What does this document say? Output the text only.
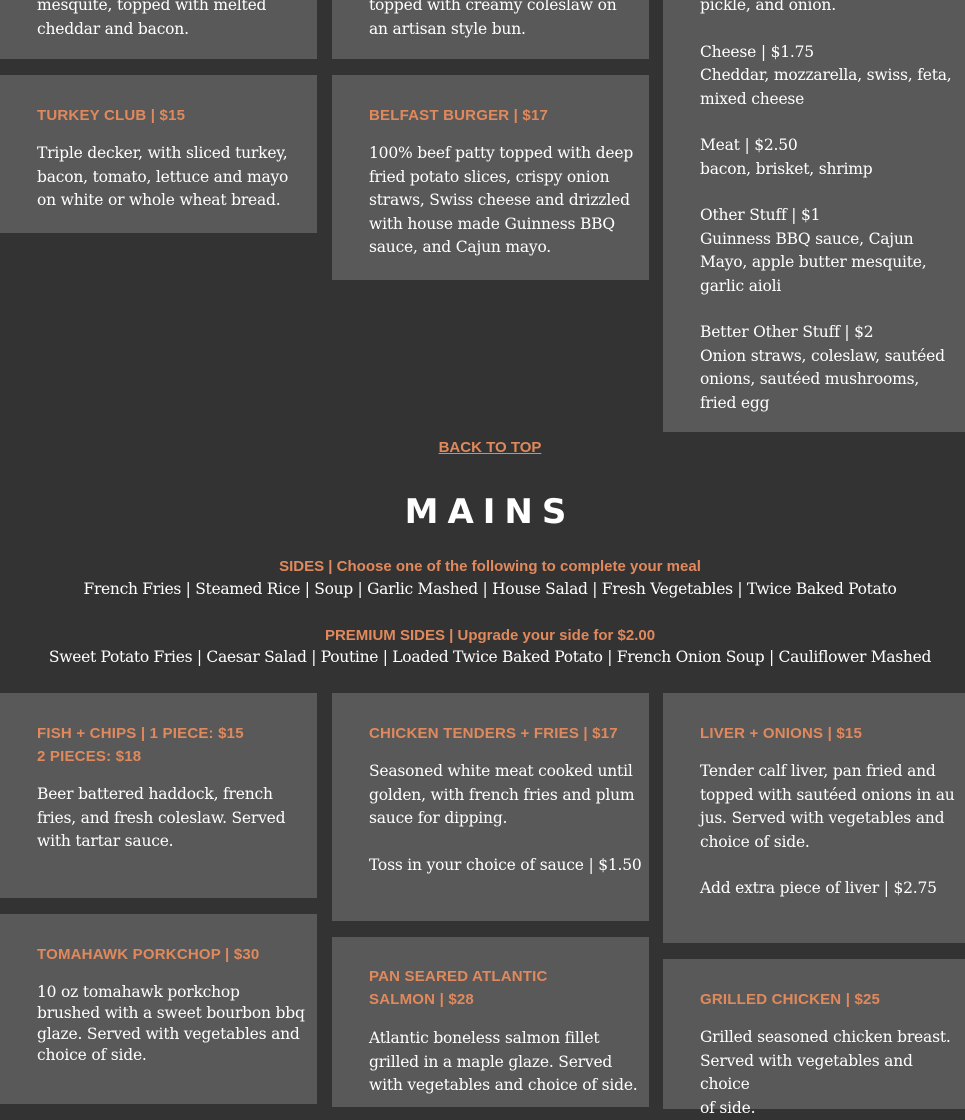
mesquite, topped with melted
cheddar and bacon.
topped with creamy coleslaw on
an artisan style bun.
pickle, and onion.
Cheese | $1.75
Cheddar, mozzarella, swiss, feta,
mixed cheese
Meat | $2.50
bacon, brisket, shrimp
Other Stuff | $1
Guinness BBQ sauce, Cajun
Mayo, apple butter mesquite,
garlic aioli
Better Other Stuff | $2
Onion straws, coleslaw, sautéed
onions, sautéed mushrooms,
fried egg
TURKEY CLUB | $15
Triple decker, with sliced turkey,
bacon, tomato, lettuce and mayo
on white or whole wheat bread.
BELFAST BURGER | $17
100% beef patty topped with deep
fried potato slices, crispy onion
straws, Swiss cheese and drizzled
with house made Guinness BBQ
sauce, and Cajun mayo.
BACK TO TOP
MAINS
SIDES | Choose one of the following to complete your meal
French Fries | Steamed Rice | Soup | Garlic Mashed | House Salad | Fresh Vegetables | Twice Baked Potato
PREMIUM SIDES | Upgrade your side for $2.00
Sweet Potato Fries | Caesar Salad | Poutine | Loaded Twice Baked Potato | French Onion Soup | Cauliflower Mashed
FISH + CHIPS | 1 PIECE: $15
2 PIECES: $18
Beer battered haddock, french
fries, and fresh coleslaw. Served
with tartar sauce.
CHICKEN TENDERS + FRIES | $17
Seasoned white meat cooked until
golden, with french fries and plum
sauce for dipping.
Toss in your choice of sauce | $1.50
LIVER + ONIONS | $15
Tender calf liver, pan fried and
topped with sautéed onions in au
jus. Served with vegetables and
choice of side.
Add extra piece of liver | $2.75
TOMAHAWK PORKCHOP | $30
10 oz tomahawk porkchop
brushed with a sweet bourbon bbq
glaze. Served with vegetables and
choice of side.
PAN SEARED ATLANTIC
SALMON | $28
Atlantic boneless salmon fillet
grilled in a maple glaze. Served
with vegetables and choice of side.
GRILLED CHICKEN | $25
Grilled seasoned chicken breast.
Served with vegetables and choice
of side.
